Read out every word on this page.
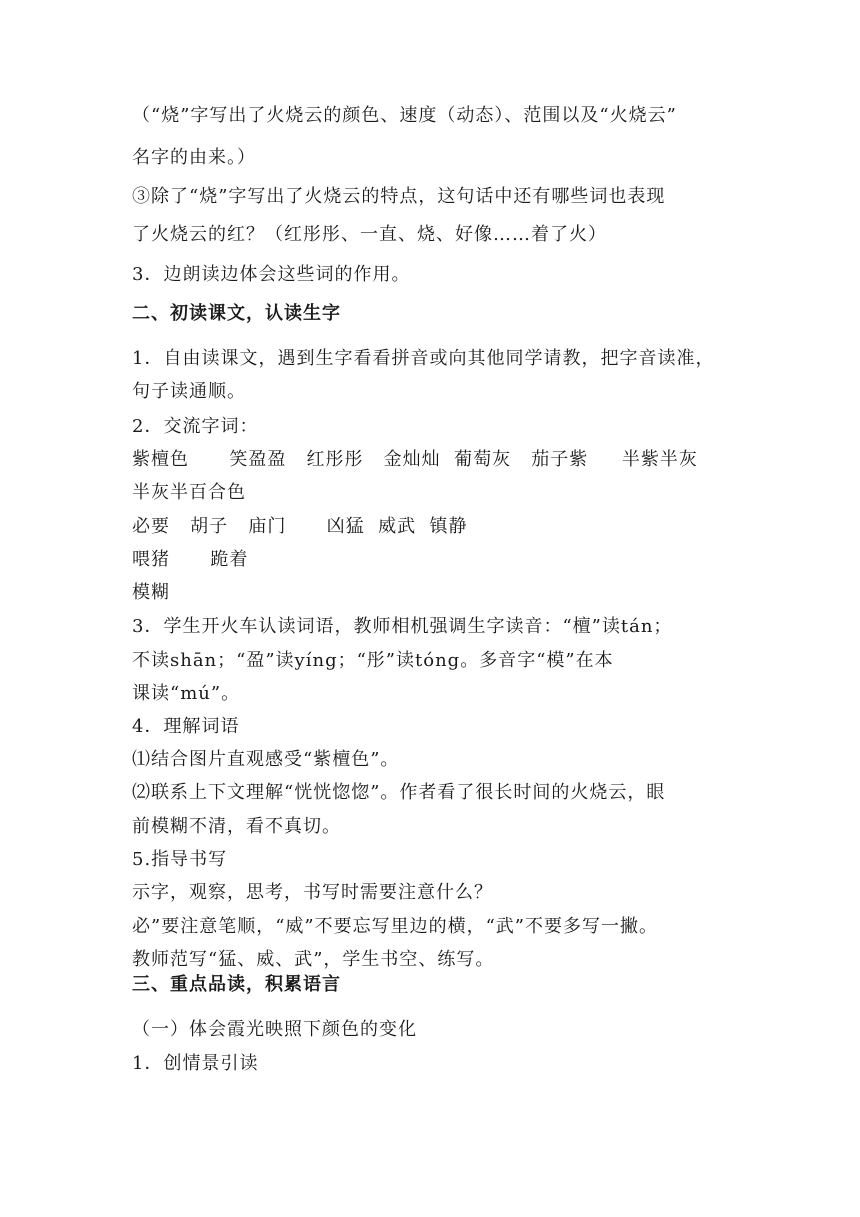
（“烧”字写出了火烧云的颜色、速度（动态）、范围以及“火烧云”
名字的由来。）
③除了“烧”字写出了火烧云的特点，这句话中还有哪些词也表现
了火烧云的红？（红彤彤、一直、烧、好像……着了火）
3．边朗读边体会这些词的作用。
二、初读课文，认读生字
1．自由读课文，遇到生字看看拼音或向其他同学请教，把字音读准，
句子读通顺。
2．交流字词：
紫檀色      笑盈盈   红彤彤   金灿灿  葡萄灰   茄子紫     半紫半灰
半灰半百合色
必要   胡子   庙门      凶猛  威武  镇静
喂猪      跪着
模糊
3．学生开火车认读词语，教师相机强调生字读音：“檀”读tán；
不读shān；“盈”读yíng；“彤”读tóng。多音字“模”在本
课读“mú”。
4．理解词语
⑴结合图片直观感受“紫檀色”。
⑵联系上下文理解“恍恍惚惚”。作者看了很长时间的火烧云，眼
前模糊不清，看不真切。
5.指导书写
示字，观察，思考，书写时需要注意什么？
必”要注意笔顺，“威”不要忘写里边的横，“武”不要多写一撇。
教师范写“猛、威、武”，学生书空、练写。
三、重点品读，积累语言
（一）体会霞光映照下颜色的变化
1．创情景引读
